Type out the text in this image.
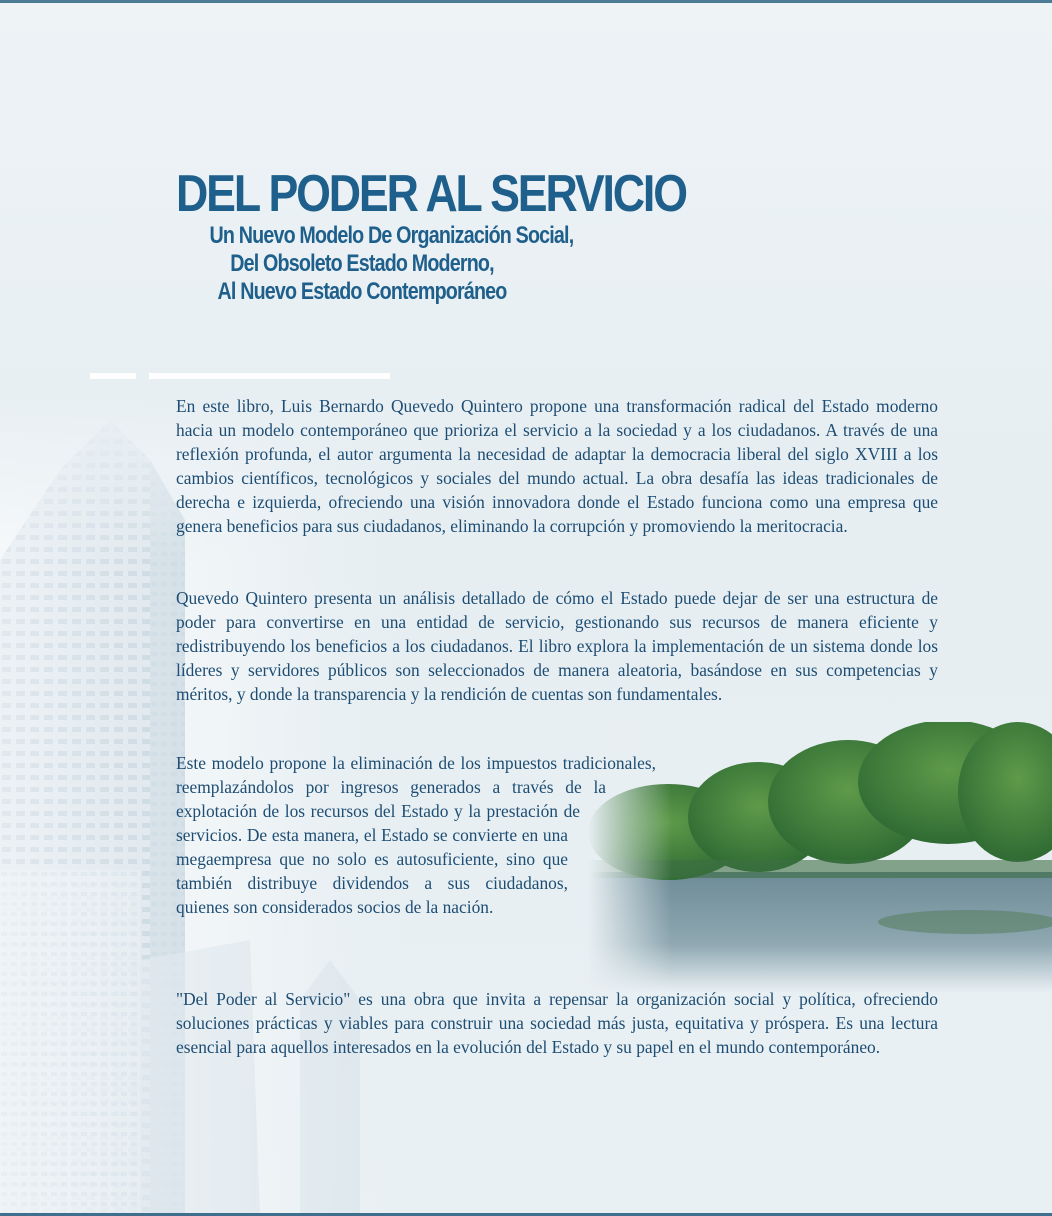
DEL PODER AL SERVICIO
Un Nuevo Modelo De Organización Social,
Del Obsoleto Estado Moderno,
Al Nuevo Estado Contemporáneo

En este libro, Luis Bernardo Quevedo Quintero propone una transformación radical del Estado moderno hacia un modelo contemporáneo que prioriza el servicio a la sociedad y a los ciudadanos. A través de una reflexión profunda, el autor argumenta la necesidad de adaptar la democracia liberal del siglo XVIII a los cambios científicos, tecnológicos y sociales del mundo actual. La obra desafía las ideas tradicionales de derecha e izquierda, ofreciendo una visión innovadora donde el Estado funciona como una empresa que genera beneficios para sus ciudadanos, eliminando la corrupción y promoviendo la meritocracia.

Quevedo Quintero presenta un análisis detallado de cómo el Estado puede dejar de ser una estructura de poder para convertirse en una entidad de servicio, gestionando sus recursos de manera eficiente y redistribuyendo los beneficios a los ciudadanos. El libro explora la implementación de un sistema donde los líderes y servidores públicos son seleccionados de manera aleatoria, basándose en sus competencias y méritos, y donde la transparencia y la rendición de cuentas son fundamentales.

Este modelo propone la eliminación de los impuestos tradicionales,
reemplazándolos por ingresos generados a través de la
explotación de los recursos del Estado y la prestación de
servicios. De esta manera, el Estado se convierte en una
megaempresa que no solo es autosuficiente, sino que
también distribuye dividendos a sus ciudadanos,
quienes son considerados socios de la nación.

"Del Poder al Servicio" es una obra que invita a repensar la organización social y política, ofreciendo soluciones prácticas y viables para construir una sociedad más justa, equitativa y próspera. Es una lectura esencial para aquellos interesados en la evolución del Estado y su papel en el mundo contemporáneo.
